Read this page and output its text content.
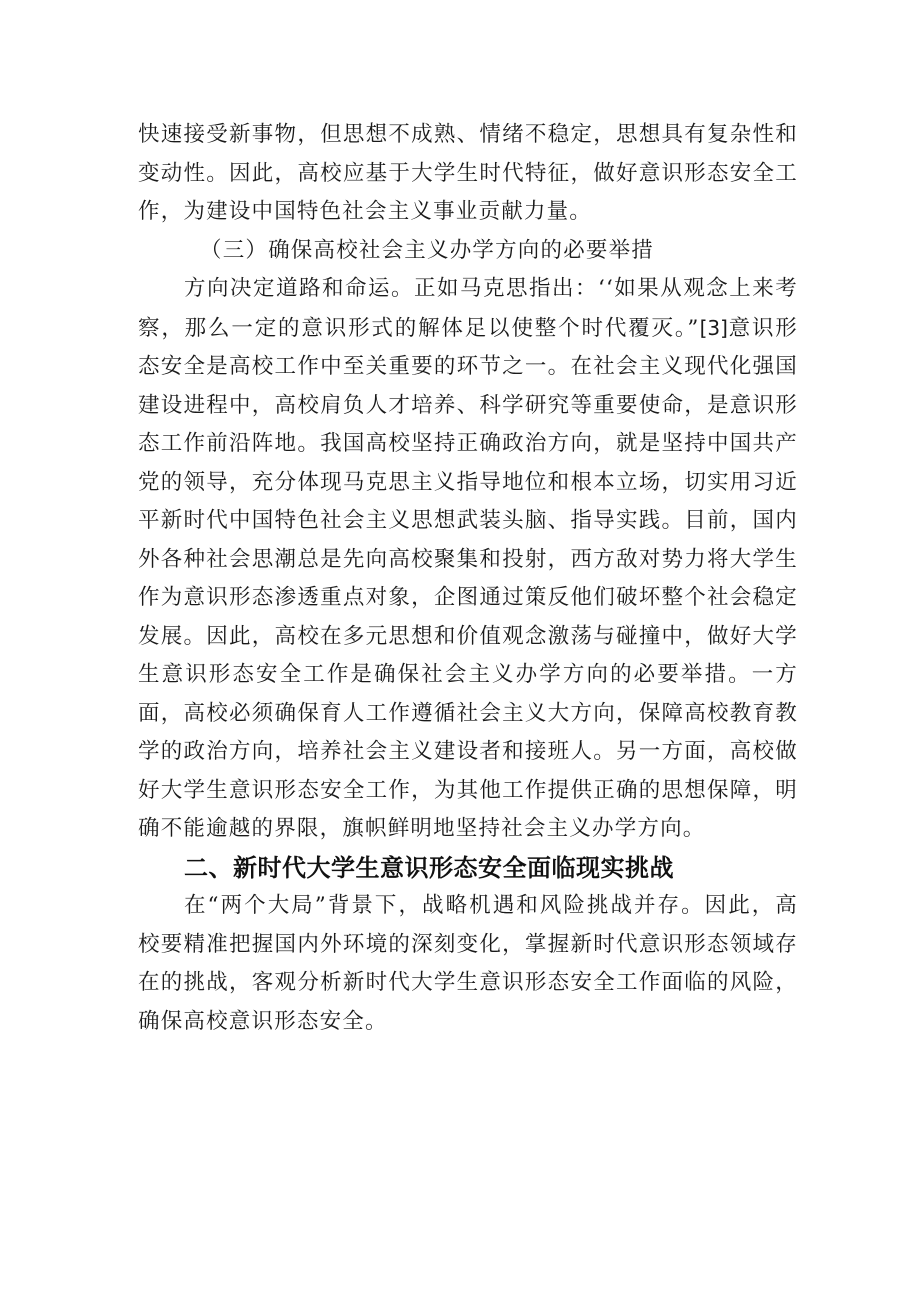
快速接受新事物，但思想不成熟、情绪不稳定，思想具有复杂性和变动性。因此，高校应基于大学生时代特征，做好意识形态安全工作，为建设中国特色社会主义事业贡献力量。

（三）确保高校社会主义办学方向的必要举措

方向决定道路和命运。正如马克思指出：‘‘如果从观念上来考察，那么一定的意识形式的解体足以使整个时代覆灭。”[3]意识形态安全是高校工作中至关重要的环节之一。在社会主义现代化强国建设进程中，高校肩负人才培养、科学研究等重要使命，是意识形态工作前沿阵地。我国高校坚持正确政治方向，就是坚持中国共产党的领导，充分体现马克思主义指导地位和根本立场，切实用习近平新时代中国特色社会主义思想武装头脑、指导实践。目前，国内外各种社会思潮总是先向高校聚集和投射，西方敌对势力将大学生作为意识形态渗透重点对象，企图通过策反他们破坏整个社会稳定发展。因此，高校在多元思想和价值观念激荡与碰撞中，做好大学生意识形态安全工作是确保社会主义办学方向的必要举措。一方面，高校必须确保育人工作遵循社会主义大方向，保障高校教育教学的政治方向，培养社会主义建设者和接班人。另一方面，高校做好大学生意识形态安全工作，为其他工作提供正确的思想保障，明确不能逾越的界限，旗帜鲜明地坚持社会主义办学方向。

二、新时代大学生意识形态安全面临现实挑战

在“两个大局”背景下，战略机遇和风险挑战并存。因此，高校要精准把握国内外环境的深刻变化，掌握新时代意识形态领域存在的挑战，客观分析新时代大学生意识形态安全工作面临的风险，确保高校意识形态安全。
